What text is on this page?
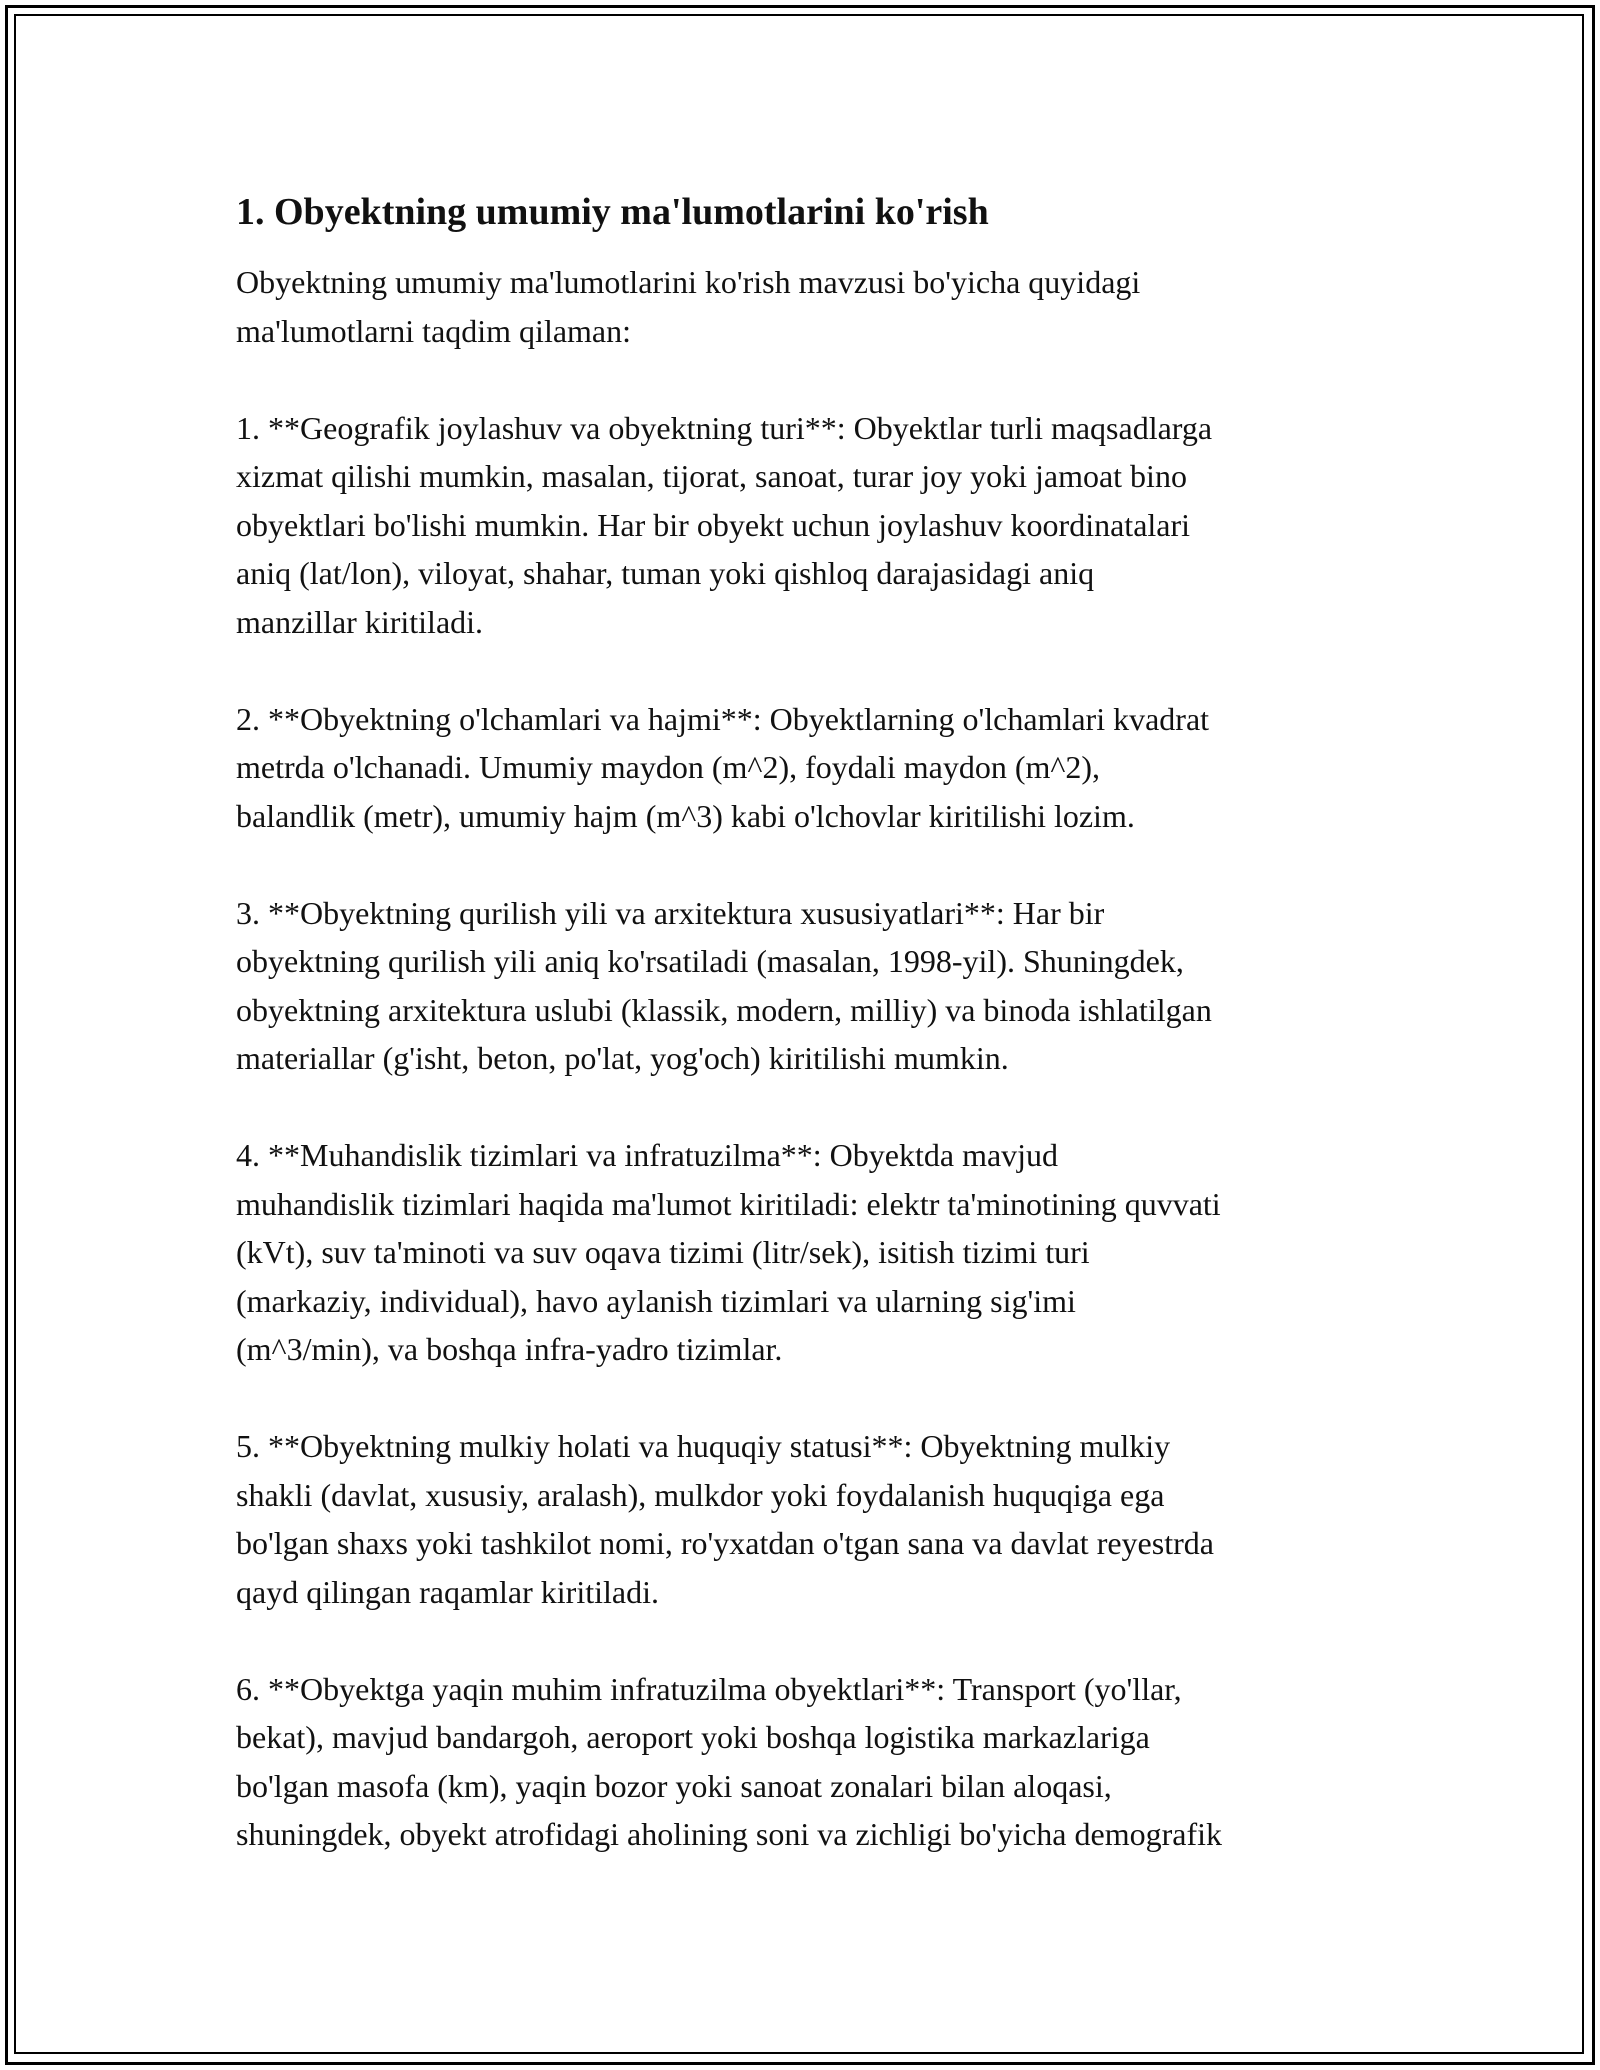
1. Obyektning umumiy ma'lumotlarini ko'rish

Obyektning umumiy ma'lumotlarini ko'rish mavzusi bo'yicha quyidagi
ma'lumotlarni taqdim qilaman:

1. **Geografik joylashuv va obyektning turi**: Obyektlar turli maqsadlarga
xizmat qilishi mumkin, masalan, tijorat, sanoat, turar joy yoki jamoat bino
obyektlari bo'lishi mumkin. Har bir obyekt uchun joylashuv koordinatalari
aniq (lat/lon), viloyat, shahar, tuman yoki qishloq darajasidagi aniq
manzillar kiritiladi.

2. **Obyektning o'lchamlari va hajmi**: Obyektlarning o'lchamlari kvadrat
metrda o'lchanadi. Umumiy maydon (m^2), foydali maydon (m^2),
balandlik (metr), umumiy hajm (m^3) kabi o'lchovlar kiritilishi lozim.

3. **Obyektning qurilish yili va arxitektura xususiyatlari**: Har bir
obyektning qurilish yili aniq ko'rsatiladi (masalan, 1998-yil). Shuningdek,
obyektning arxitektura uslubi (klassik, modern, milliy) va binoda ishlatilgan
materiallar (g'isht, beton, po'lat, yog'och) kiritilishi mumkin.

4. **Muhandislik tizimlari va infratuzilma**: Obyektda mavjud
muhandislik tizimlari haqida ma'lumot kiritiladi: elektr ta'minotining quvvati
(kVt), suv ta'minoti va suv oqava tizimi (litr/sek), isitish tizimi turi
(markaziy, individual), havo aylanish tizimlari va ularning sig'imi
(m^3/min), va boshqa infra-yadro tizimlar.

5. **Obyektning mulkiy holati va huquqiy statusi**: Obyektning mulkiy
shakli (davlat, xususiy, aralash), mulkdor yoki foydalanish huquqiga ega
bo'lgan shaxs yoki tashkilot nomi, ro'yxatdan o'tgan sana va davlat reyestrda
qayd qilingan raqamlar kiritiladi.

6. **Obyektga yaqin muhim infratuzilma obyektlari**: Transport (yo'llar,
bekat), mavjud bandargoh, aeroport yoki boshqa logistika markazlariga
bo'lgan masofa (km), yaqin bozor yoki sanoat zonalari bilan aloqasi,
shuningdek, obyekt atrofidagi aholining soni va zichligi bo'yicha demografik
